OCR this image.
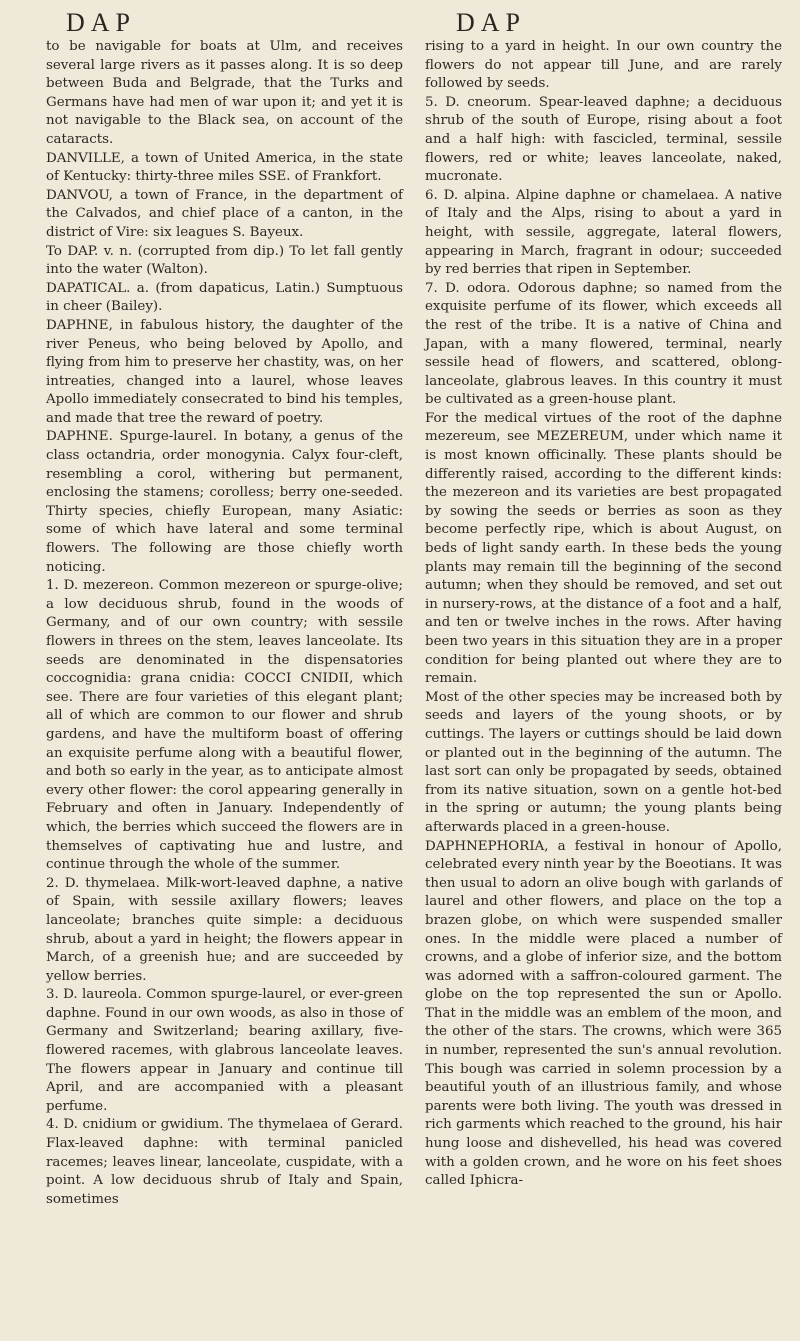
DAP	DAP

to be navigable for boats at Ulm, and receives several large rivers as it passes along. It is so deep between Buda and Belgrade, that the Turks and Germans have had men of war upon it; and yet it is not navigable to the Black sea, on account of the cataracts.

DANVILLE, a town of United America, in the state of Kentucky: thirty-three miles SSE. of Frankfort.

DANVOU, a town of France, in the department of the Calvados, and chief place of a canton, in the district of Vire: six leagues S. Bayeux.

To DAP. v. n. (corrupted from dip.) To let fall gently into the water (Walton).

DAPATICAL. a. (from dapaticus, Latin.) Sumptuous in cheer (Bailey).

DAPHNE, in fabulous history, the daughter of the river Peneus, who being beloved by Apollo, and flying from him to preserve her chastity, was, on her intreaties, changed into a laurel, whose leaves Apollo immediately consecrated to bind his temples, and made that tree the reward of poetry.

DAPHNE. Spurge-laurel. In botany, a genus of the class octandria, order monogynia. Calyx four-cleft, resembling a corol, withering but permanent, enclosing the stamens; corolless; berry one-seeded. Thirty species, chiefly European, many Asiatic: some of which have lateral and some terminal flowers. The following are those chiefly worth noticing.

1. D. mezereon. Common mezereon or spurge-olive; a low deciduous shrub, found in the woods of Germany, and of our own country; with sessile flowers in threes on the stem, leaves lanceolate. Its seeds are denominated in the dispensatories coccognidia: grana cnidia: COCCI CNIDII, which see. There are four varieties of this elegant plant; all of which are common to our flower and shrub gardens, and have the multiform boast of offering an exquisite perfume along with a beautiful flower, and both so early in the year, as to anticipate almost every other flower: the corol appearing generally in February and often in January. Independently of which, the berries which succeed the flowers are in themselves of captivating hue and lustre, and continue through the whole of the summer.

2. D. thymelaea. Milk-wort-leaved daphne, a native of Spain, with sessile axillary flowers; leaves lanceolate; branches quite simple: a deciduous shrub, about a yard in height; the flowers appear in March, of a greenish hue; and are succeeded by yellow berries.

3. D. laureola. Common spurge-laurel, or ever-green daphne. Found in our own woods, as also in those of Germany and Switzerland; bearing axillary, five-flowered racemes, with glabrous lanceolate leaves. The flowers appear in January and continue till April, and are accompanied with a pleasant perfume.

4. D. cnidium or gwidium. The thymelaea of Gerard. Flax-leaved daphne: with terminal panicled racemes; leaves linear, lanceolate, cuspidate, with a point. A low deciduous shrub of Italy and Spain, sometimes

rising to a yard in height. In our own country the flowers do not appear till June, and are rarely followed by seeds.

5. D. cneorum. Spear-leaved daphne; a deciduous shrub of the south of Europe, rising about a foot and a half high: with fascicled, terminal, sessile flowers, red or white; leaves lanceolate, naked, mucronate.

6. D. alpina. Alpine daphne or chamelaea. A native of Italy and the Alps, rising to about a yard in height, with sessile, aggregate, lateral flowers, appearing in March, fragrant in odour; succeeded by red berries that ripen in September.

7. D. odora. Odorous daphne; so named from the exquisite perfume of its flower, which exceeds all the rest of the tribe. It is a native of China and Japan, with a many flowered, terminal, nearly sessile head of flowers, and scattered, oblong-lanceolate, glabrous leaves. In this country it must be cultivated as a green-house plant.

For the medical virtues of the root of the daphne mezereum, see MEZEREUM, under which name it is most known officinally. These plants should be differently raised, according to the different kinds: the mezereon and its varieties are best propagated by sowing the seeds or berries as soon as they become perfectly ripe, which is about August, on beds of light sandy earth. In these beds the young plants may remain till the beginning of the second autumn; when they should be removed, and set out in nursery-rows, at the distance of a foot and a half, and ten or twelve inches in the rows. After having been two years in this situation they are in a proper condition for being planted out where they are to remain.

Most of the other species may be increased both by seeds and layers of the young shoots, or by cuttings. The layers or cuttings should be laid down or planted out in the beginning of the autumn. The last sort can only be propagated by seeds, obtained from its native situation, sown on a gentle hot-bed in the spring or autumn; the young plants being afterwards placed in a green-house.

DAPHNEPHORIA, a festival in honour of Apollo, celebrated every ninth year by the Boeotians. It was then usual to adorn an olive bough with garlands of laurel and other flowers, and place on the top a brazen globe, on which were suspended smaller ones. In the middle were placed a number of crowns, and a globe of inferior size, and the bottom was adorned with a saffron-coloured garment. The globe on the top represented the sun or Apollo. That in the middle was an emblem of the moon, and the other of the stars. The crowns, which were 365 in number, represented the sun's annual revolution. This bough was carried in solemn procession by a beautiful youth of an illustrious family, and whose parents were both living. The youth was dressed in rich garments which reached to the ground, his hair hung loose and dishevelled, his head was covered with a golden crown, and he wore on his feet shoes called Iphicra-
